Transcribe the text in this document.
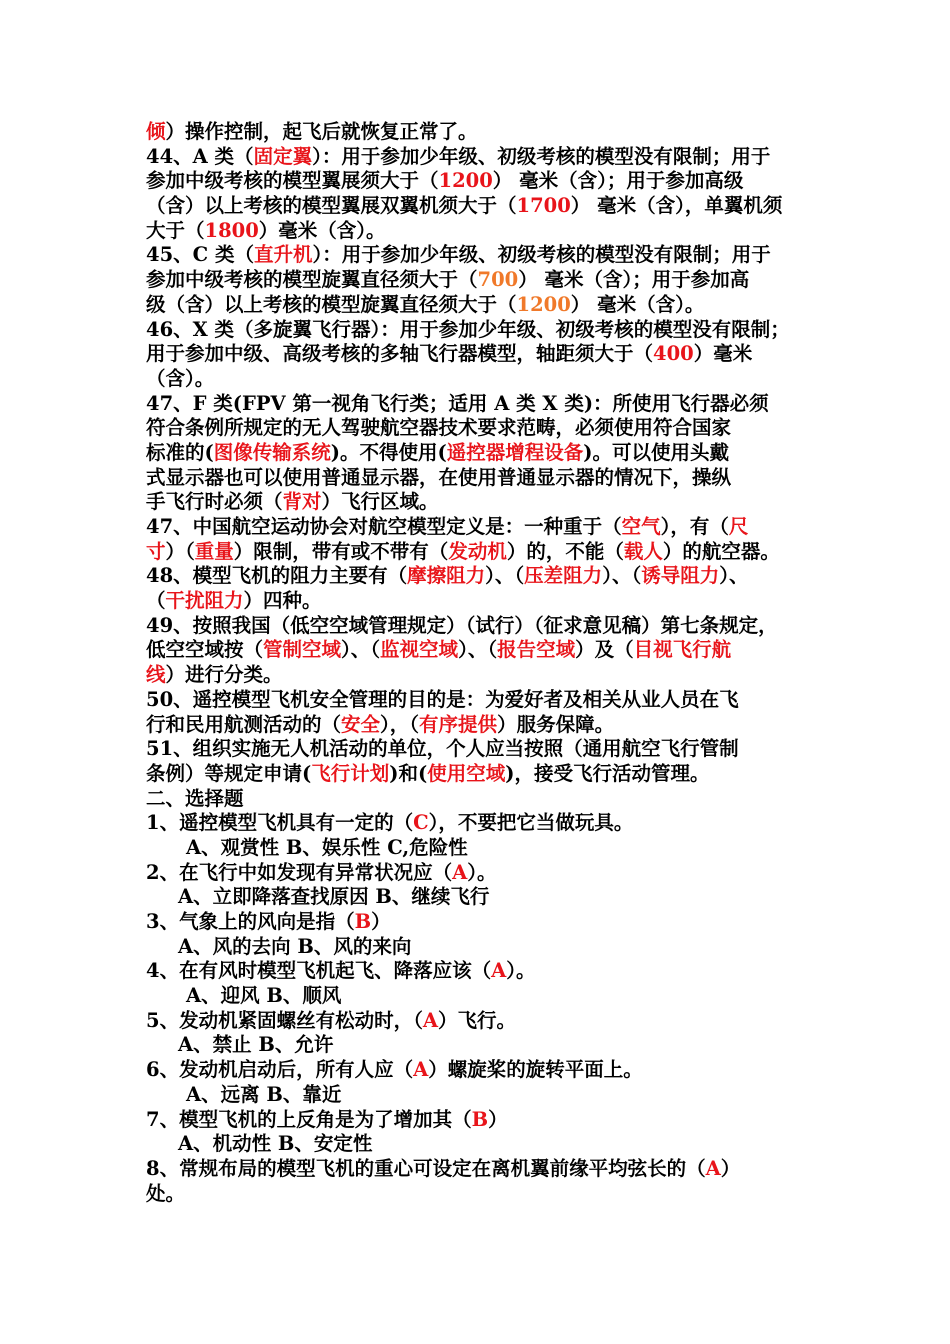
倾）操作控制，起飞后就恢复正常了。
44、A 类（固定翼）：用于参加少年级、初级考核的模型没有限制；用于
参加中级考核的模型翼展须大于（1200） 毫米（含）；用于参加高级
（含）以上考核的模型翼展双翼机须大于（1700） 毫米（含），单翼机须
大于（1800）毫米（含）。
45、C 类（直升机）：用于参加少年级、初级考核的模型没有限制；用于
参加中级考核的模型旋翼直径须大于（700） 毫米（含）；用于参加高
级（含）以上考核的模型旋翼直径须大于（1200） 毫米（含）。
46、X 类（多旋翼飞行器）：用于参加少年级、初级考核的模型没有限制；
用于参加中级、高级考核的多轴飞行器模型，轴距须大于（400）毫米
（含）。
47、F 类(FPV 第一视角飞行类；适用 A 类 X 类)：所使用飞行器必须
符合条例所规定的无人驾驶航空器技术要求范畴，必须使用符合国家
标准的(图像传输系统)。不得使用(遥控器增程设备)。可以使用头戴
式显示器也可以使用普通显示器，在使用普通显示器的情况下，操纵
手飞行时必须（背对）飞行区域。
47、中国航空运动协会对航空模型定义是：一种重于（空气），有（尺
寸）（重量）限制，带有或不带有（发动机）的，不能（载人）的航空器。
48、模型飞机的阻力主要有（摩擦阻力）、（压差阻力）、（诱导阻力）、
（干扰阻力）四种。
49、按照我国（低空空域管理规定）（试行）（征求意见稿）第七条规定，
低空空域按（管制空域）、（监视空域）、（报告空域）及（目视飞行航
线）进行分类。
50、遥控模型飞机安全管理的目的是：为爱好者及相关从业人员在飞
行和民用航测活动的（安全），（有序提供）服务保障。
51、组织实施无人机活动的单位，个人应当按照（通用航空飞行管制
条例）等规定申请(飞行计划)和(使用空域)，接受飞行活动管理。
二、选择题
1、遥控模型飞机具有一定的（C），不要把它当做玩具。
A、观赏性 B、娱乐性 C,危险性
2、在飞行中如发现有异常状况应（A）。
A、立即降落查找原因 B、继续飞行
3、气象上的风向是指（B）
A、风的去向 B、风的来向
4、在有风时模型飞机起飞、降落应该（A）。
A、迎风 B、顺风
5、发动机紧固螺丝有松动时，（A）飞行。
A、禁止 B、允许
6、发动机启动后，所有人应（A）螺旋桨的旋转平面上。
A、远离 B、靠近
7、模型飞机的上反角是为了增加其（B）
A、机动性 B、安定性
8、常规布局的模型飞机的重心可设定在离机翼前缘平均弦长的（A）
处。
